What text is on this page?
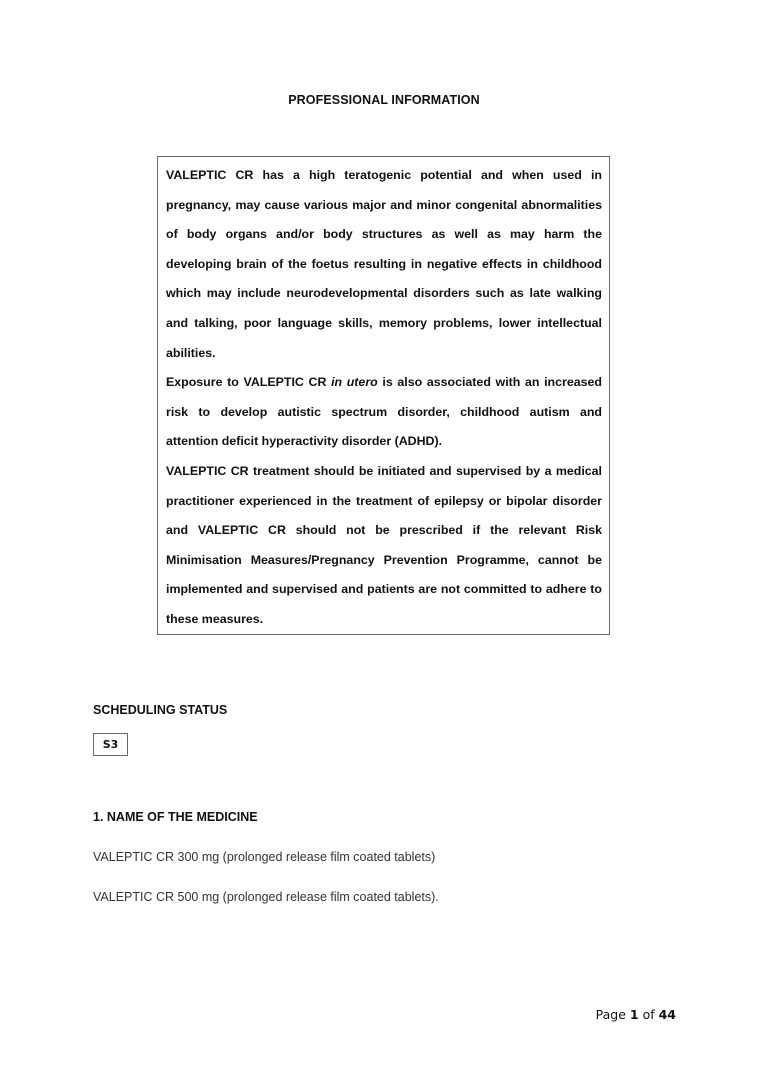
PROFESSIONAL INFORMATION

VALEPTIC CR has a high teratogenic potential and when used in pregnancy, may cause various major and minor congenital abnormalities of body organs and/or body structures as well as may harm the developing brain of the foetus resulting in negative effects in childhood which may include neurodevelopmental disorders such as late walking and talking, poor language skills, memory problems, lower intellectual abilities.

Exposure to VALEPTIC CR in utero is also associated with an increased risk to develop autistic spectrum disorder, childhood autism and attention deficit hyperactivity disorder (ADHD).

VALEPTIC CR treatment should be initiated and supervised by a medical practitioner experienced in the treatment of epilepsy or bipolar disorder and VALEPTIC CR should not be prescribed if the relevant Risk Minimisation Measures/Pregnancy Prevention Programme, cannot be implemented and supervised and patients are not committed to adhere to these measures.

SCHEDULING STATUS
S3
1. NAME OF THE MEDICINE
VALEPTIC CR 300 mg (prolonged release film coated tablets)
VALEPTIC CR 500 mg (prolonged release film coated tablets).
Page 1 of 44
